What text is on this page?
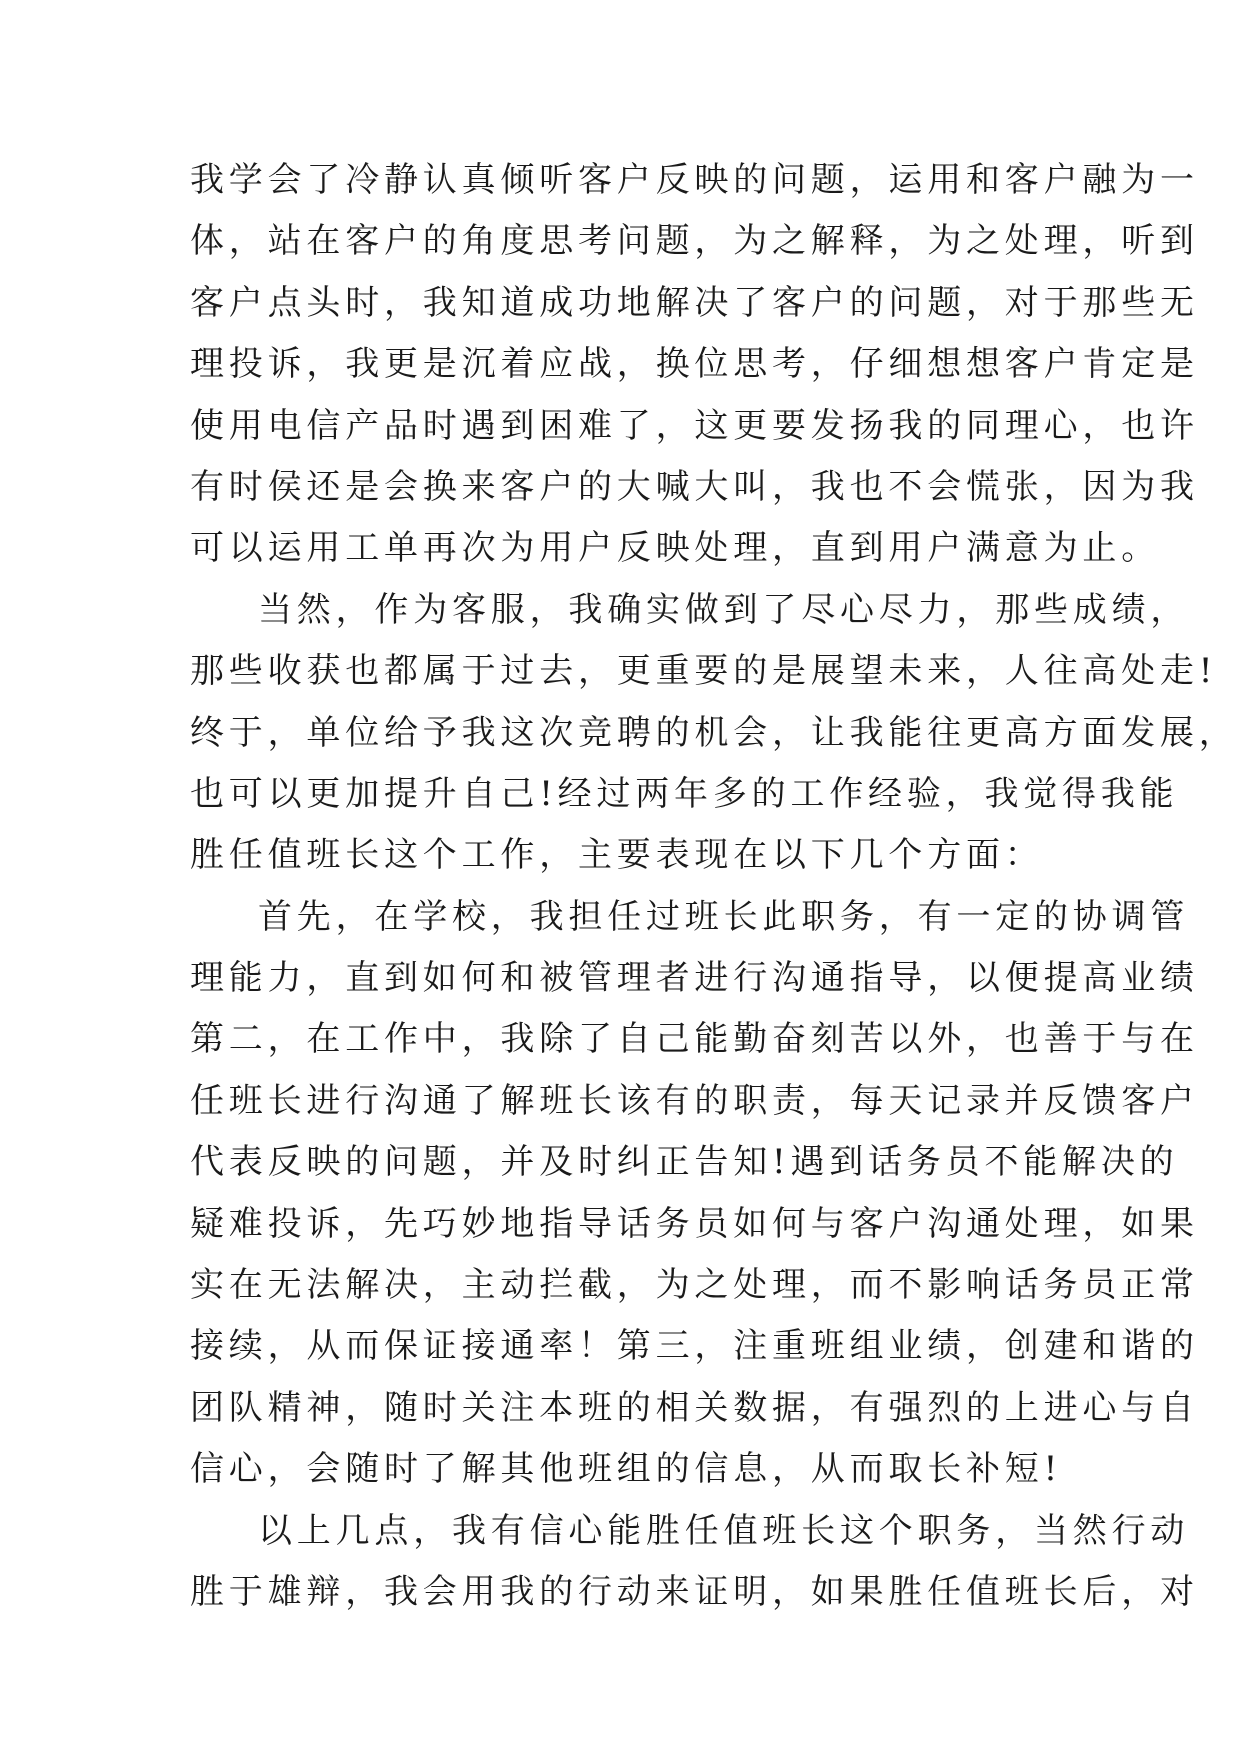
我学会了冷静认真倾听客户反映的问题，运用和客户融为一
体，站在客户的角度思考问题，为之解释，为之处理，听到
客户点头时，我知道成功地解决了客户的问题，对于那些无
理投诉，我更是沉着应战，换位思考，仔细想想客户肯定是
使用电信产品时遇到困难了，这更要发扬我的同理心，也许
有时侯还是会换来客户的大喊大叫，我也不会慌张，因为我
可以运用工单再次为用户反映处理，直到用户满意为止。
当然，作为客服，我确实做到了尽心尽力，那些成绩，
那些收获也都属于过去，更重要的是展望未来，人往高处走!
终于，单位给予我这次竞聘的机会，让我能往更高方面发展，
也可以更加提升自己!经过两年多的工作经验，我觉得我能
胜任值班长这个工作，主要表现在以下几个方面：
首先，在学校，我担任过班长此职务，有一定的协调管
理能力，直到如何和被管理者进行沟通指导，以便提高业绩
第二，在工作中，我除了自己能勤奋刻苦以外，也善于与在
任班长进行沟通了解班长该有的职责，每天记录并反馈客户
代表反映的问题，并及时纠正告知!遇到话务员不能解决的
疑难投诉，先巧妙地指导话务员如何与客户沟通处理，如果
实在无法解决，主动拦截，为之处理，而不影响话务员正常
接续，从而保证接通率！第三，注重班组业绩，创建和谐的
团队精神，随时关注本班的相关数据，有强烈的上进心与自
信心，会随时了解其他班组的信息，从而取长补短!
以上几点，我有信心能胜任值班长这个职务，当然行动
胜于雄辩，我会用我的行动来证明，如果胜任值班长后，对
